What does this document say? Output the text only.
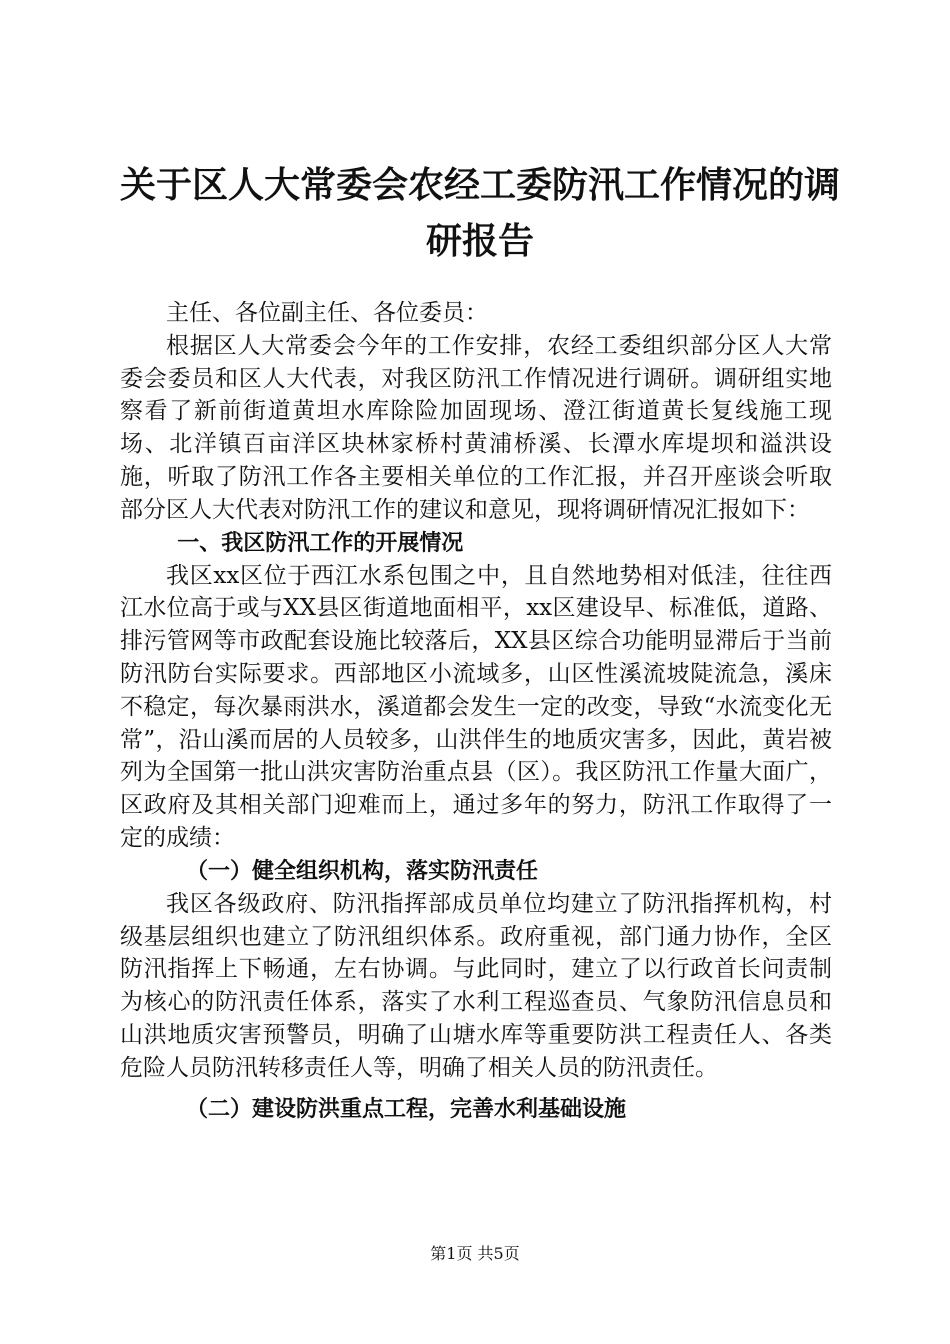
关于区人大常委会农经工委防汛工作情况的调研报告

主任、各位副主任、各位委员：

根据区人大常委会今年的工作安排，农经工委组织部分区人大常委会委员和区人大代表，对我区防汛工作情况进行调研。调研组实地察看了新前街道黄坦水库除险加固现场、澄江街道黄长复线施工现场、北洋镇百亩洋区块林家桥村黄浦桥溪、长潭水库堤坝和溢洪设施，听取了防汛工作各主要相关单位的工作汇报，并召开座谈会听取部分区人大代表对防汛工作的建议和意见，现将调研情况汇报如下：

一、我区防汛工作的开展情况

我区xx区位于西江水系包围之中，且自然地势相对低洼，往往西江水位高于或与XX县区街道地面相平，xx区建设早、标准低，道路、排污管网等市政配套设施比较落后，XX县区综合功能明显滞后于当前防汛防台实际要求。西部地区小流域多，山区性溪流坡陡流急，溪床不稳定，每次暴雨洪水，溪道都会发生一定的改变，导致“水流变化无常”，沿山溪而居的人员较多，山洪伴生的地质灾害多，因此，黄岩被列为全国第一批山洪灾害防治重点县（区）。我区防汛工作量大面广，区政府及其相关部门迎难而上，通过多年的努力，防汛工作取得了一定的成绩：

（一）健全组织机构，落实防汛责任

我区各级政府、防汛指挥部成员单位均建立了防汛指挥机构，村级基层组织也建立了防汛组织体系。政府重视，部门通力协作，全区防汛指挥上下畅通，左右协调。与此同时，建立了以行政首长问责制为核心的防汛责任体系，落实了水利工程巡查员、气象防汛信息员和山洪地质灾害预警员，明确了山塘水库等重要防洪工程责任人、各类危险人员防汛转移责任人等，明确了相关人员的防汛责任。

（二）建设防洪重点工程，完善水利基础设施

第1页 共5页
